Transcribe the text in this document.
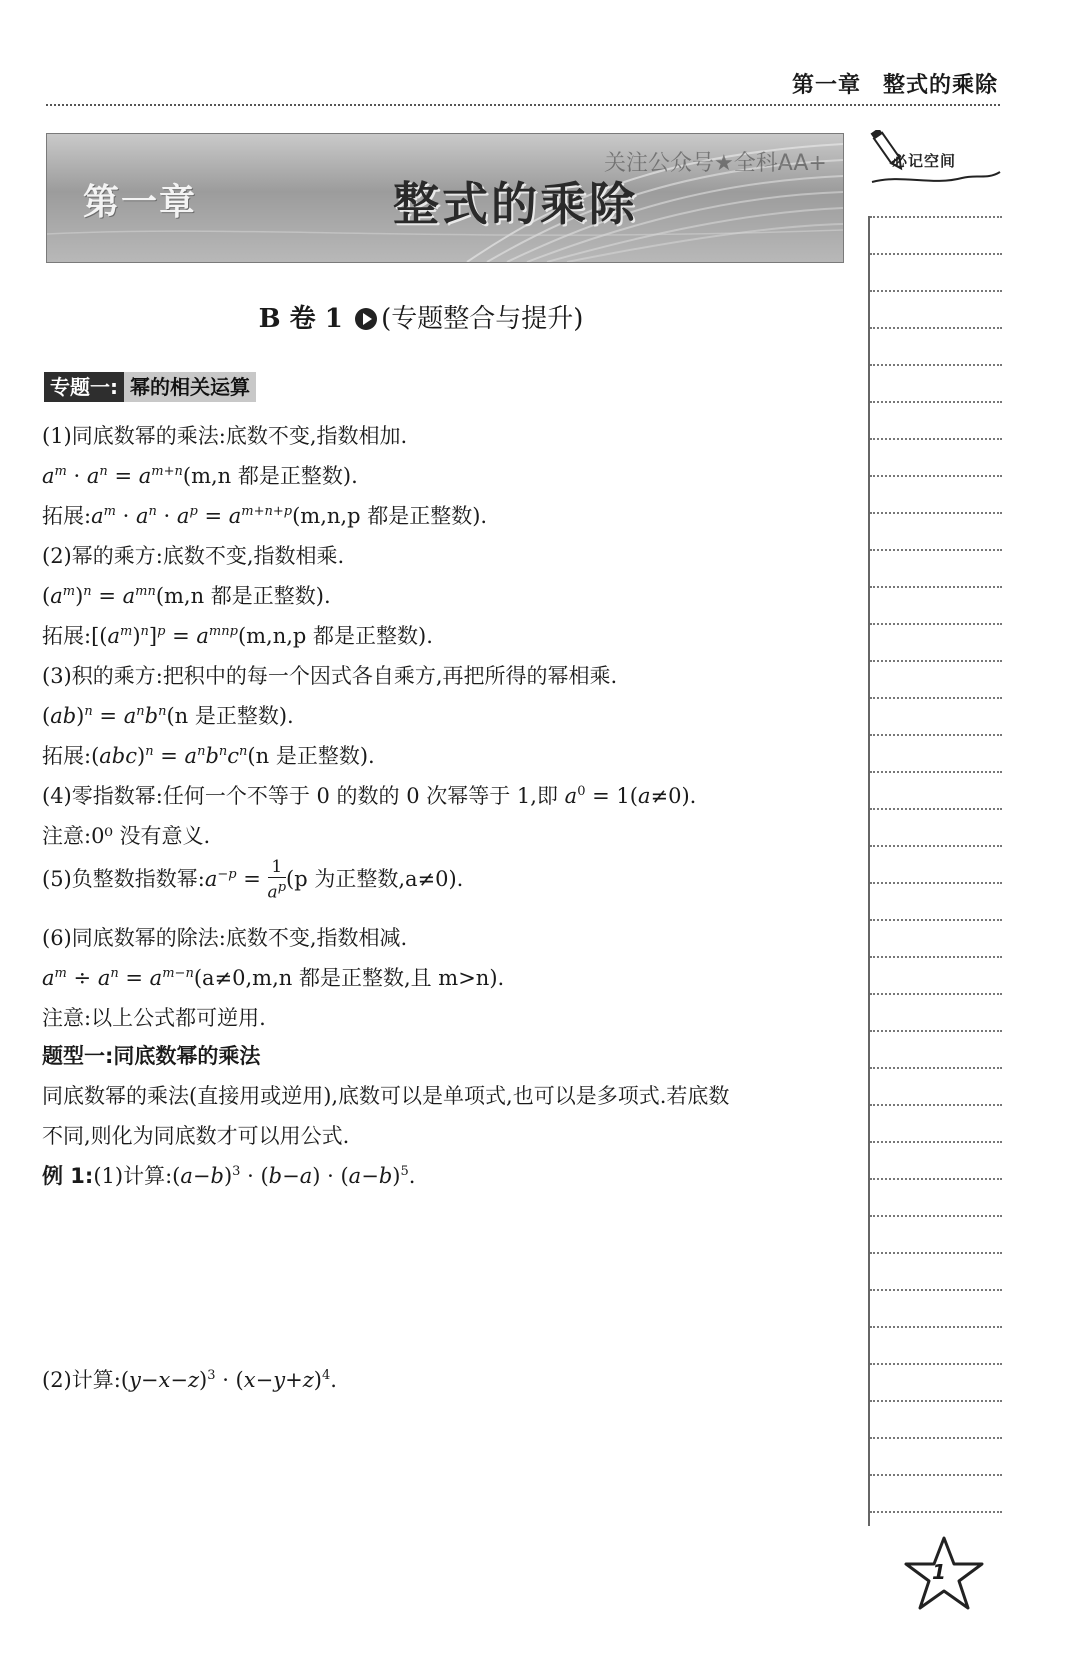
第一章 整式的乘除
第一章	整式的乘除
关注公众号★全科AA+	必记空间
B 卷 1 (专题整合与提升)
专题一: 幂的相关运算
(1)同底数幂的乘法:底数不变,指数相加.
$a^m \cdot a^n = a^{m+n}(m,n$ 都是正整数).
拓展$:a^m \cdot a^n \cdot a^p = a^{m+n+p}(m,n,p$ 都是正整数).
(2)幂的乘方:底数不变,指数相乘.
$(a^m)^n = a^{mn}(m,n$ 都是正整数).
拓展$:[(a^m)^n]^p = a^{mnp}(m,n,p$ 都是正整数).
(3)积的乘方:把积中的每一个因式各自乘方,再把所得的幂相乘.
$(ab)^n = a^nb^n(n$ 是正整数).
拓展:(abc)$^n$ = $a^nb^nc^n(n$ 是正整数).
(4)零指数幂:任何一个不等于 0 的数的 0 次幂等于 1,即 $a^0 = 1(a\ne 0)$.
注意:0⁰ 没有意义.
(5)负整数指数幂$:a^{-p} = \frac{1}{a^p} (p$ 为正整数,a≠0).
(6)同底数幂的除法:底数不变,指数相减.
$a^m \div a^n = a^{m-n}(a\ne 0,m,n$ 都是正整数,且 m>n).
注意:以上公式都可逆用.
题型一:同底数幂的乘法
同底数幂的乘法(直接用或逆用),底数可以是单项式,也可以是多项式.若底数
不同,则化为同底数才可以用公式.
例 1:(1)计算$:(a-b)^3 \cdot (b-a) \cdot (a-b)^5$.
(2)计算$:(y-x-z)^3 \cdot (x-y+z)^4$.
1
